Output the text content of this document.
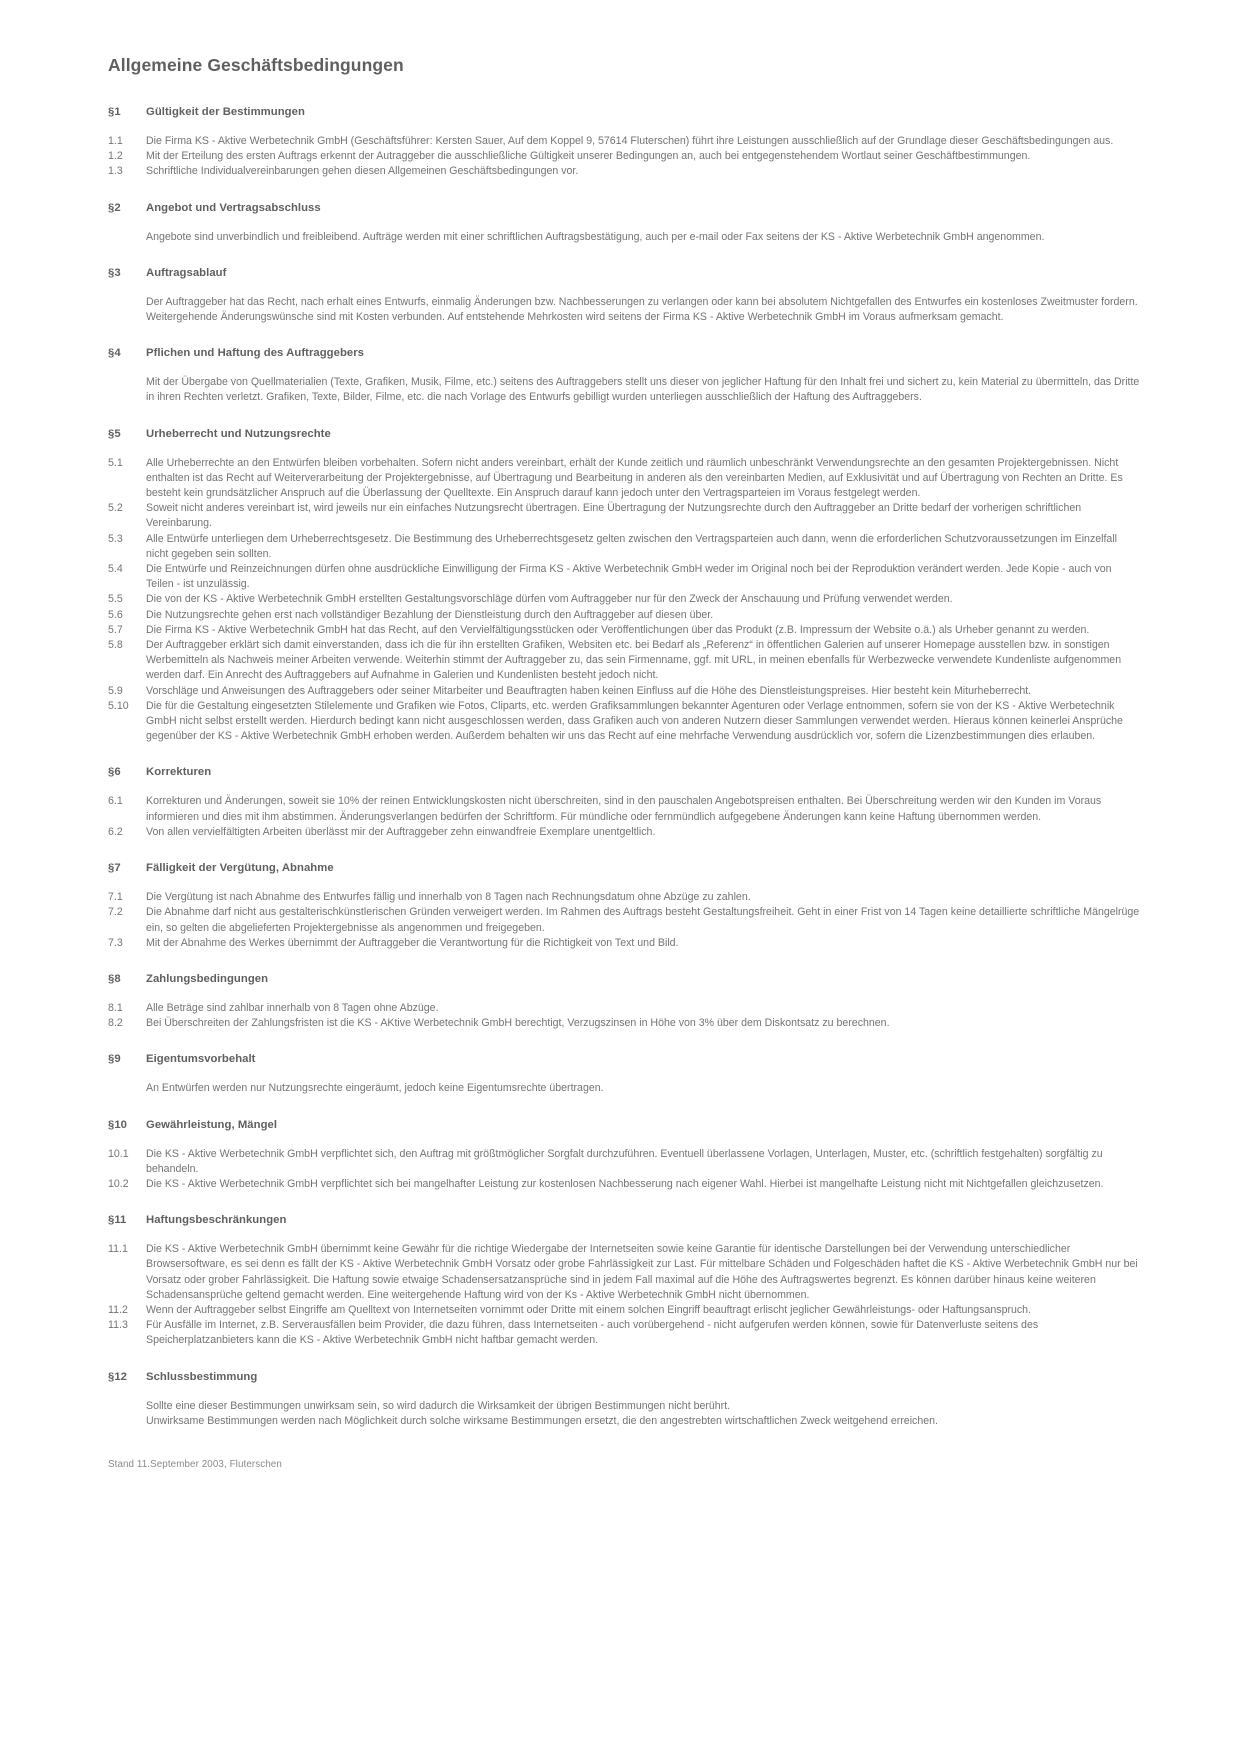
Allgemeine Geschäftsbedingungen
§1	Gültigkeit der Bestimmungen
1.1	Die Firma KS - Aktive Werbetechnik GmbH (Geschäftsführer: Kersten Sauer, Auf dem Koppel 9, 57614 Fluterschen) führt ihre Leistungen ausschließlich auf der Grundlage dieser Geschäftsbedingungen aus.
1.2	Mit der Erteilung des ersten Auftrags erkennt der Autraggeber die ausschließliche Gültigkeit unserer Bedingungen an, auch bei entgegenstehendem Wortlaut seiner Geschäftbestimmungen.
1.3	Schriftliche Individualvereinbarungen gehen diesen Allgemeinen Geschäftsbedingungen vor.
§2	Angebot und Vertragsabschluss
Angebote sind unverbindlich und freibleibend. Aufträge werden mit einer schriftlichen Auftragsbestätigung, auch per e-mail oder Fax seitens der KS - Aktive Werbetechnik GmbH angenommen.
§3	Auftragsablauf
Der Auftraggeber hat das Recht, nach erhalt eines Entwurfs, einmalig Änderungen bzw. Nachbesserungen zu verlangen oder kann bei absolutem Nichtgefallen des Entwurfes ein kostenloses Zweitmuster fordern. Weitergehende Änderungswünsche sind mit Kosten verbunden. Auf entstehende Mehrkosten wird seitens der Firma KS - Aktive Werbetechnik GmbH im Voraus aufmerksam gemacht.
§4	Pflichen und Haftung des Auftraggebers
Mit der Übergabe von Quellmaterialien (Texte, Grafiken, Musik, Filme, etc.) seitens des Auftraggebers stellt uns dieser von jeglicher Haftung für den Inhalt frei und sichert zu, kein Material zu übermitteln, das Dritte in ihren Rechten verletzt. Grafiken, Texte, Bilder, Filme, etc. die nach Vorlage des Entwurfs gebilligt wurden unterliegen ausschließlich der Haftung des Auftraggebers.
§5	Urheberrecht und Nutzungsrechte
5.1	Alle Urheberrechte an den Entwürfen bleiben vorbehalten. Sofern nicht anders vereinbart, erhält der Kunde zeitlich und räumlich unbeschränkt Verwendungsrechte an den gesamten Projektergebnissen. Nicht enthalten ist das Recht auf Weiterverarbeitung der Projektergebnisse, auf Übertragung und Bearbeitung in anderen als den vereinbarten Medien, auf Exklusivität und auf Übertragung von Rechten an Dritte. Es besteht kein grundsätzlicher Anspruch auf die Überlassung der Quelltexte. Ein Anspruch darauf kann jedoch unter den Vertragsparteien im Voraus festgelegt werden.
5.2	Soweit nicht anderes vereinbart ist, wird jeweils nur ein einfaches Nutzungsrecht übertragen. Eine Übertragung der Nutzungsrechte durch den Auftraggeber an Dritte bedarf der vorherigen schriftlichen Vereinbarung.
5.3	Alle Entwürfe unterliegen dem Urheberrechtsgesetz. Die Bestimmung des Urheberrechtsgesetz gelten zwischen den Vertragsparteien auch dann, wenn die erforderlichen Schutzvoraussetzungen im Einzelfall nicht gegeben sein sollten.
5.4	Die Entwürfe und Reinzeichnungen dürfen ohne ausdrückliche Einwilligung der Firma KS - Aktive Werbetechnik GmbH weder im Original noch bei der Reproduktion verändert werden. Jede Kopie - auch von Teilen - ist unzulässig.
5.5	Die von der KS - Aktive Werbetechnik GmbH erstellten Gestaltungsvorschläge dürfen vom Auftraggeber nur für den Zweck der Anschauung und Prüfung verwendet werden.
5.6	Die Nutzungsrechte gehen erst nach vollständiger Bezahlung der Dienstleistung durch den Auftraggeber auf diesen über.
5.7	Die Firma KS - Aktive Werbetechnik GmbH hat das Recht, auf den Vervielfältigungsstücken oder Veröffentlichungen über das Produkt (z.B. Impressum der Website o.ä.) als Urheber genannt zu werden.
5.8	Der Auftraggeber erklärt sich damit einverstanden, dass ich die für ihn erstellten Grafiken, Websiten etc. bei Bedarf als „Referenz“ in öffentlichen Galerien auf unserer Homepage ausstellen bzw. in sonstigen Werbemitteln als Nachweis meiner Arbeiten verwende. Weiterhin stimmt der Auftraggeber zu, das sein Firmenname, ggf. mit URL, in meinen ebenfalls für Werbezwecke verwendete Kundenliste aufgenommen werden darf. Ein Anrecht des Auftraggebers auf Aufnahme in Galerien und Kundenlisten besteht jedoch nicht.
5.9	Vorschläge und Anweisungen des Auftraggebers oder seiner Mitarbeiter und Beauftragten haben keinen Einfluss auf die Höhe des Dienstleistungspreises. Hier besteht kein Miturheberrecht.
5.10	Die für die Gestaltung eingesetzten Stilelemente und Grafiken wie Fotos, Cliparts, etc. werden Grafiksammlungen bekannter Agenturen oder Verlage entnommen, sofern sie von der KS - Aktive Werbetechnik GmbH nicht selbst erstellt werden. Hierdurch bedingt kann nicht ausgeschlossen werden, dass Grafiken auch von anderen Nutzern dieser Sammlungen verwendet werden. Hieraus können keinerlei Ansprüche gegenüber der KS - Aktive Werbetechnik GmbH erhoben werden. Außerdem behalten wir uns das Recht auf eine mehrfache Verwendung ausdrücklich vor, sofern die Lizenzbestimmungen dies erlauben.
§6	Korrekturen
6.1	Korrekturen und Änderungen, soweit sie 10% der reinen Entwicklungskosten nicht überschreiten, sind in den pauschalen Angebotspreisen enthalten. Bei Überschreitung werden wir den Kunden im Voraus informieren und dies mit ihm abstimmen. Änderungsverlangen bedürfen der Schriftform. Für mündliche oder fernmündlich aufgegebene Änderungen kann keine Haftung übernommen werden.
6.2	Von allen vervielfältigten Arbeiten überlässt mir der Auftraggeber zehn einwandfreie Exemplare unentgeltlich.
§7	Fälligkeit der Vergütung, Abnahme
7.1	Die Vergütung ist nach Abnahme des Entwurfes fällig und innerhalb von 8 Tagen nach Rechnungsdatum ohne Abzüge zu zahlen.
7.2	Die Abnahme darf nicht aus gestalterischkünstlerischen Gründen verweigert werden. Im Rahmen des Auftrags besteht Gestaltungsfreiheit. Geht in einer Frist von 14 Tagen keine detaillierte schriftliche Mängelrüge ein, so gelten die abgelieferten Projektergebnisse als angenommen und freigegeben.
7.3	Mit der Abnahme des Werkes übernimmt der Auftraggeber die Verantwortung für die Richtigkeit von Text und Bild.
§8	Zahlungsbedingungen
8.1	Alle Beträge sind zahlbar innerhalb von 8 Tagen ohne Abzüge.
8.2	Bei Überschreiten der Zahlungsfristen ist die KS - AKtive Werbetechnik GmbH berechtigt, Verzugszinsen in Höhe von 3% über dem Diskontsatz zu berechnen.
§9	Eigentumsvorbehalt
An Entwürfen werden nur Nutzungsrechte eingeräumt, jedoch keine Eigentumsrechte übertragen.
§10	Gewährleistung, Mängel
10.1	Die KS - Aktive Werbetechnik GmbH verpflichtet sich, den Auftrag mit größtmöglicher Sorgfalt durchzuführen. Eventuell überlassene Vorlagen, Unterlagen, Muster, etc. (schriftlich festgehalten) sorgfältig zu behandeln.
10.2	Die KS - Aktive Werbetechnik GmbH verpflichtet sich bei mangelhafter Leistung zur kostenlosen Nachbesserung nach eigener Wahl. Hierbei ist mangelhafte Leistung nicht mit Nichtgefallen gleichzusetzen.
§11	Haftungsbeschränkungen
11.1	Die KS - Aktive Werbetechnik GmbH übernimmt keine Gewähr für die richtige Wiedergabe der Internetseiten sowie keine Garantie für identische Darstellungen bei der Verwendung unterschiedlicher Browsersoftware, es sei denn es fällt der KS - Aktive Werbetechnik GmbH Vorsatz oder grobe Fahrlässigkeit zur Last. Für mittelbare Schäden und Folgeschäden haftet die KS - Aktive Werbetechnik GmbH nur bei Vorsatz oder grober Fahrlässigkeit. Die Haftung sowie etwaige Schadensersatzansprüche sind in jedem Fall maximal auf die Höhe des Auftragswertes begrenzt. Es können darüber hinaus keine weiteren Schadensansprüche geltend gemacht werden. Eine weitergehende Haftung wird von der Ks - Aktive Werbetechnik GmbH nicht übernommen.
11.2	Wenn der Auftraggeber selbst Eingriffe am Quelltext von Internetseiten vornimmt oder Dritte mit einem solchen Eingriff beauftragt erlischt jeglicher Gewährleistungs- oder Haftungsanspruch.
11.3	Für Ausfälle im Internet, z.B. Serverausfällen beim Provider, die dazu führen, dass Internetseiten - auch vorübergehend - nicht aufgerufen werden können, sowie für Datenverluste seitens des Speicherplatzanbieters kann die KS - Aktive Werbetechnik GmbH nicht haftbar gemacht werden.
§12	Schlussbestimmung
Sollte eine dieser Bestimmungen unwirksam sein, so wird dadurch die Wirksamkeit der übrigen Bestimmungen nicht berührt.
Unwirksame Bestimmungen werden nach Möglichkeit durch solche wirksame Bestimmungen ersetzt, die den angestrebten wirtschaftlichen Zweck weitgehend erreichen.
Stand 11.September 2003, Fluterschen
